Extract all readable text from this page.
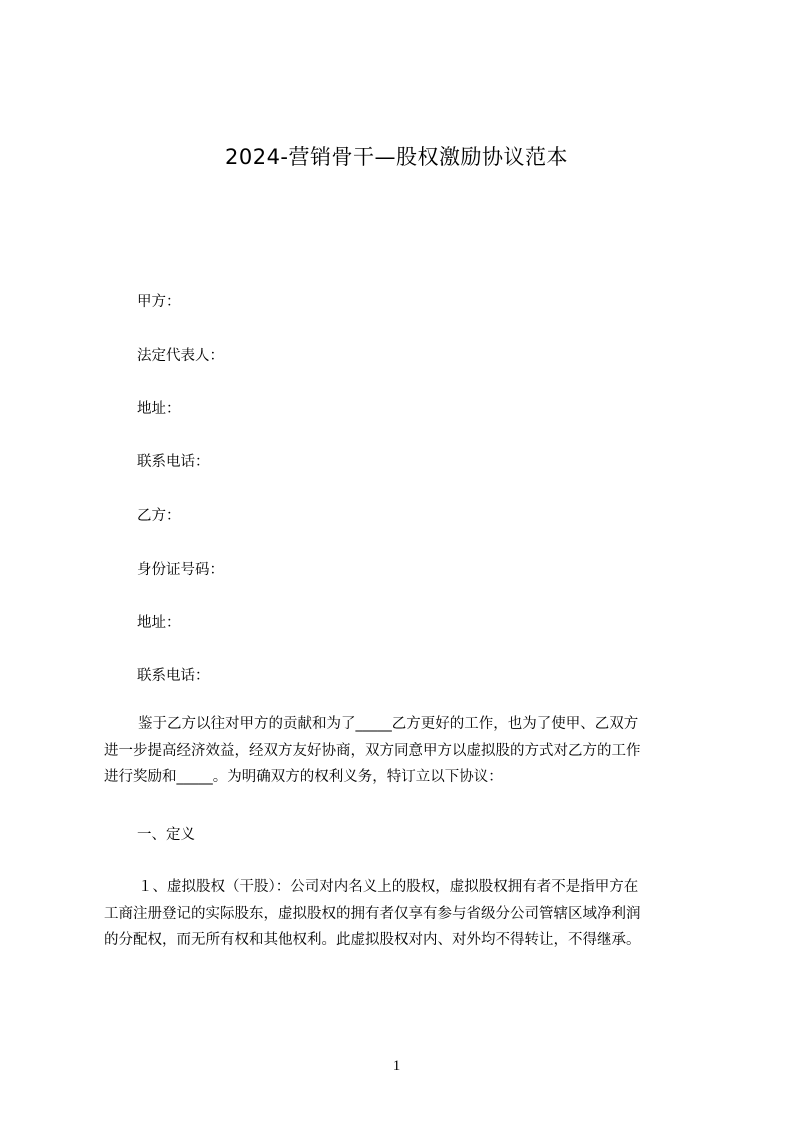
2024-营销骨干—股权激励协议范本
甲方：
法定代表人：
地址：
联系电话：
乙方：
身份证号码：
地址：
联系电话：
鉴于乙方以往对甲方的贡献和为了_____乙方更好的工作，也为了使甲、乙双方
进一步提高经济效益，经双方友好协商，双方同意甲方以虚拟股的方式对乙方的工作
进行奖励和_____。为明确双方的权利义务，特订立以下协议：
一、定义
１、虚拟股权（干股）：公司对内名义上的股权，虚拟股权拥有者不是指甲方在
工商注册登记的实际股东，虚拟股权的拥有者仅享有参与省级分公司管辖区域净利润
的分配权，而无所有权和其他权利。此虚拟股权对内、对外均不得转让，不得继承。
1
